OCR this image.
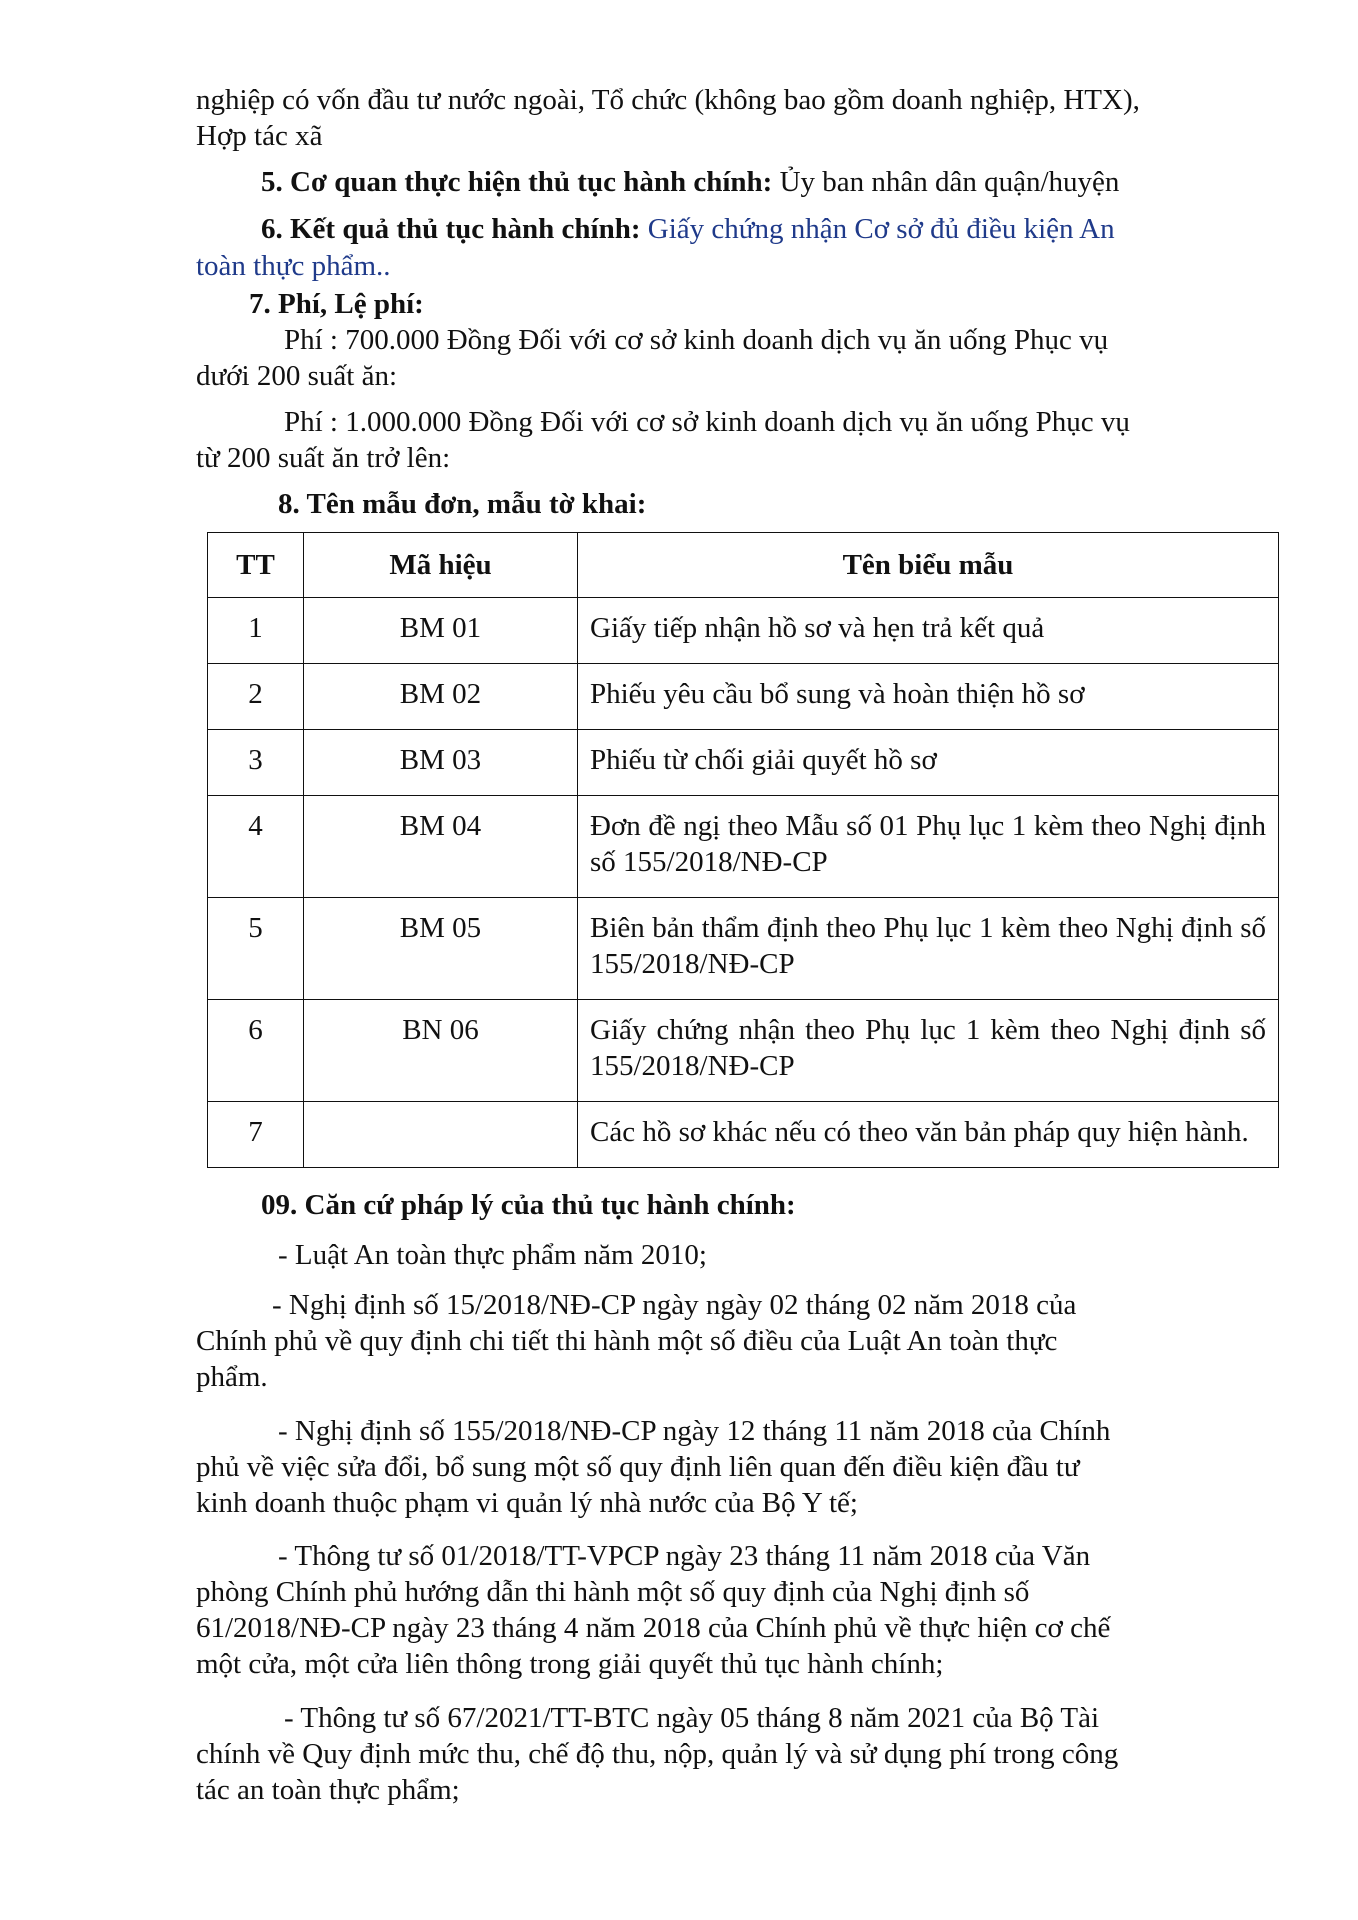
nghiệp có vốn đầu tư nước ngoài, Tổ chức (không bao gồm doanh nghiệp, HTX),
Hợp tác xã
5. Cơ quan thực hiện thủ tục hành chính: Ủy ban nhân dân quận/huyện
6. Kết quả thủ tục hành chính: Giấy chứng nhận Cơ sở đủ điều kiện An
toàn thực phẩm..
7. Phí, Lệ phí:
Phí : 700.000 Đồng Đối với cơ sở kinh doanh dịch vụ ăn uống Phục vụ
dưới 200 suất ăn:
Phí : 1.000.000 Đồng Đối với cơ sở kinh doanh dịch vụ ăn uống Phục vụ
từ 200 suất ăn trở lên:
8. Tên mẫu đơn, mẫu tờ khai:
TT	Mã hiệu	Tên biểu mẫu
1	BM 01	Giấy tiếp nhận hồ sơ và hẹn trả kết quả
2	BM 02	Phiếu yêu cầu bổ sung và hoàn thiện hồ sơ
3	BM 03	Phiếu từ chối giải quyết hồ sơ
4	BM 04	Đơn đề ngị theo Mẫu số 01 Phụ lục 1 kèm theo Nghị định số 155/2018/NĐ-CP
5	BM 05	Biên bản thẩm định theo Phụ lục 1 kèm theo Nghị định số 155/2018/NĐ-CP
6	BN 06	Giấy chứng nhận theo Phụ lục 1 kèm theo Nghị định số 155/2018/NĐ-CP
7		Các hồ sơ khác nếu có theo văn bản pháp quy hiện hành.
09. Căn cứ pháp lý của thủ tục hành chính:
- Luật An toàn thực phẩm năm 2010;
- Nghị định số 15/2018/NĐ-CP ngày ngày 02 tháng 02 năm 2018 của
Chính phủ về quy định chi tiết thi hành một số điều của Luật An toàn thực
phẩm.
- Nghị định số 155/2018/NĐ-CP ngày 12 tháng 11 năm 2018 của Chính
phủ về việc sửa đổi, bổ sung một số quy định liên quan đến điều kiện đầu tư
kinh doanh thuộc phạm vi quản lý nhà nước của Bộ Y tế;
- Thông tư số 01/2018/TT-VPCP ngày 23 tháng 11 năm 2018 của Văn
phòng Chính phủ hướng dẫn thi hành một số quy định của Nghị định số
61/2018/NĐ-CP ngày 23 tháng 4 năm 2018 của Chính phủ về thực hiện cơ chế
một cửa, một cửa liên thông trong giải quyết thủ tục hành chính;
- Thông tư số 67/2021/TT-BTC ngày 05 tháng 8 năm 2021 của Bộ Tài
chính về Quy định mức thu, chế độ thu, nộp, quản lý và sử dụng phí trong công
tác an toàn thực phẩm;
